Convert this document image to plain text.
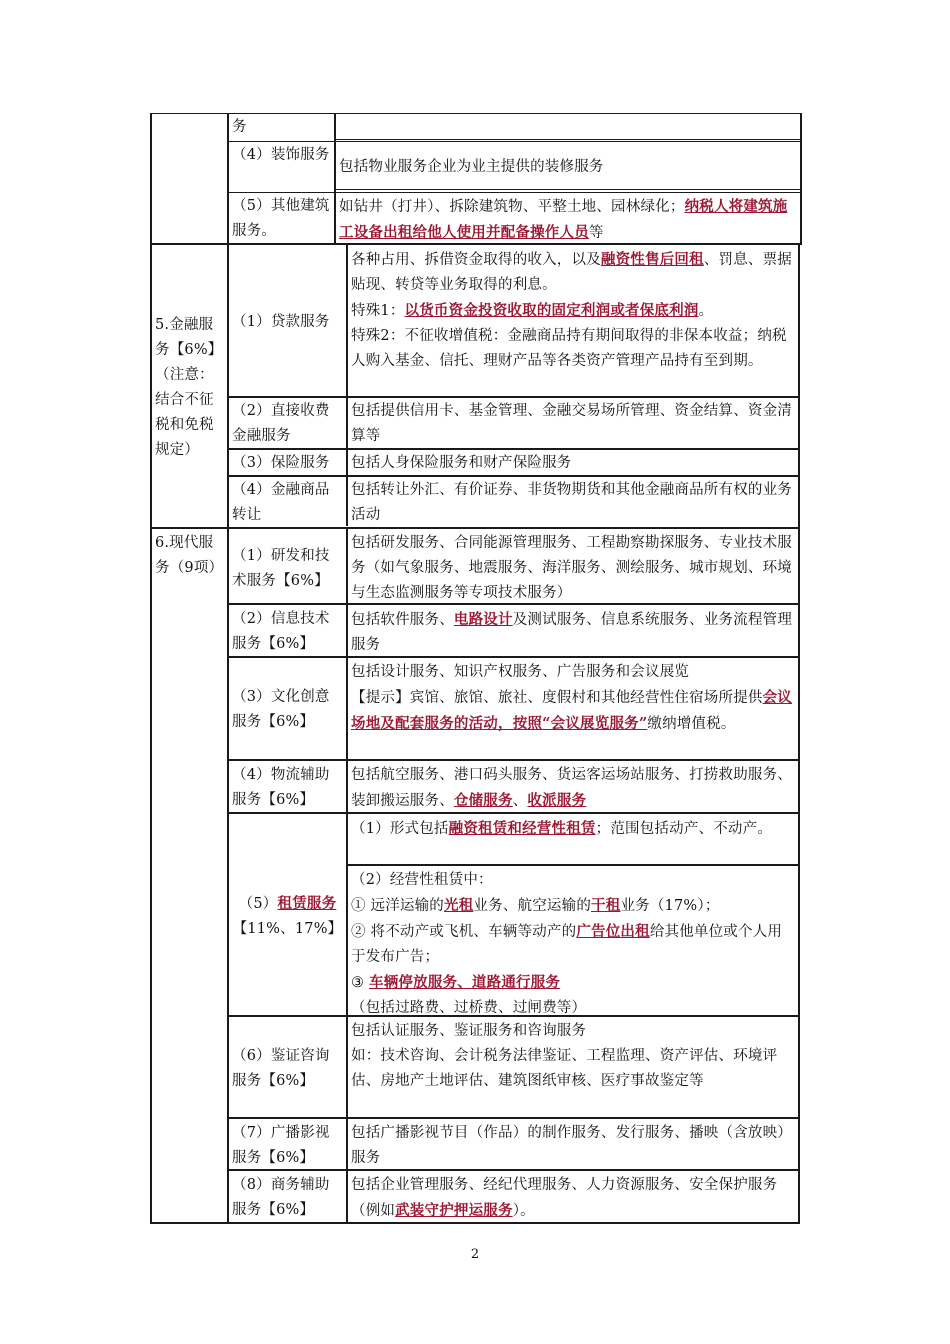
务
（4）装饰服务
包括物业服务企业为业主提供的装修服务
（5）其他建筑服务。
如钻井（打井）、拆除建筑物、平整土地、园林绿化；纳税人将建筑施工设备出租给他人使用并配备操作人员等
5.金融服务【6%】（注意：结合不征税和免税规定）
（1）贷款服务
各种占用、拆借资金取得的收入，以及融资性售后回租、罚息、票据贴现、转贷等业务取得的利息。
特殊1：以货币资金投资收取的固定利润或者保底利润。
特殊2：不征收增值税：金融商品持有期间取得的非保本收益；纳税人购入基金、信托、理财产品等各类资产管理产品持有至到期。
（2）直接收费金融服务
包括提供信用卡、基金管理、金融交易场所管理、资金结算、资金清算等
（3）保险服务	包括人身保险服务和财产保险服务
（4）金融商品转让
包括转让外汇、有价证券、非货物期货和其他金融商品所有权的业务活动
6.现代服务（9项）
（1）研发和技术服务【6%】
包括研发服务、合同能源管理服务、工程勘察勘探服务、专业技术服务（如气象服务、地震服务、海洋服务、测绘服务、城市规划、环境与生态监测服务等专项技术服务）
（2）信息技术服务【6%】
包括软件服务、电路设计及测试服务、信息系统服务、业务流程管理服务
（3）文化创意服务【6%】
包括设计服务、知识产权服务、广告服务和会议展览
【提示】宾馆、旅馆、旅社、度假村和其他经营性住宿场所提供会议场地及配套服务的活动，按照“会议展览服务”缴纳增值税。
（4）物流辅助服务【6%】
包括航空服务、港口码头服务、货运客运场站服务、打捞救助服务、装卸搬运服务、仓储服务、收派服务
（5）租赁服务
【11%、17%】
（1）形式包括融资租赁和经营性租赁；范围包括动产、不动产。
（2）经营性租赁中：
① 远洋运输的光租业务、航空运输的干租业务（17%）；
② 将不动产或飞机、车辆等动产的广告位出租给其他单位或个人用于发布广告；
③ 车辆停放服务、道路通行服务（包括过路费、过桥费、过闸费等）
（6）鉴证咨询服务【6%】
包括认证服务、鉴证服务和咨询服务
如：技术咨询、会计税务法律鉴证、工程监理、资产评估、环境评估、房地产土地评估、建筑图纸审核、医疗事故鉴定等
（7）广播影视服务【6%】
包括广播影视节目（作品）的制作服务、发行服务、播映（含放映）服务
（8）商务辅助服务【6%】
包括企业管理服务、经纪代理服务、人力资源服务、安全保护服务（例如武装守护押运服务）。
2
